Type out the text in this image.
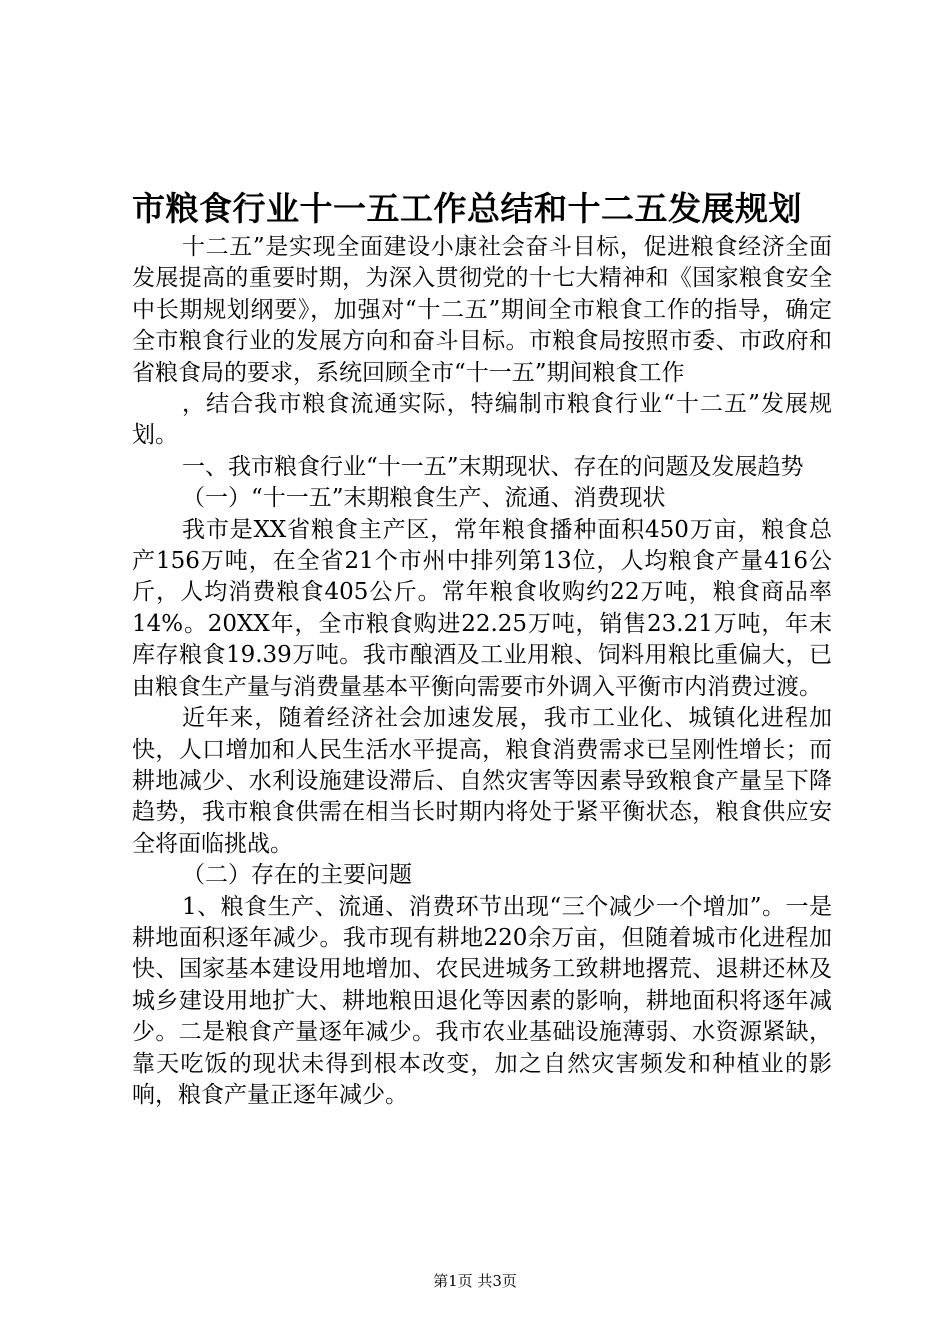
市粮食行业十一五工作总结和十二五发展规划

十二五”是实现全面建设小康社会奋斗目标，促进粮食经济全面发展提高的重要时期，为深入贯彻党的十七大精神和《国家粮食安全中长期规划纲要》，加强对“十二五”期间全市粮食工作的指导，确定全市粮食行业的发展方向和奋斗目标。市粮食局按照市委、市政府和省粮食局的要求，系统回顾全市“十一五”期间粮食工作

，结合我市粮食流通实际，特编制市粮食行业“十二五”发展规划。

一、我市粮食行业“十一五”末期现状、存在的问题及发展趋势

（一）“十一五”末期粮食生产、流通、消费现状

我市是XX省粮食主产区，常年粮食播种面积450万亩，粮食总产156万吨，在全省21个市州中排列第13位，人均粮食产量416公斤，人均消费粮食405公斤。常年粮食收购约22万吨，粮食商品率14%。20XX年，全市粮食购进22.25万吨，销售23.21万吨，年末库存粮食19.39万吨。我市酿酒及工业用粮、饲料用粮比重偏大，已由粮食生产量与消费量基本平衡向需要市外调入平衡市内消费过渡。

近年来，随着经济社会加速发展，我市工业化、城镇化进程加快，人口增加和人民生活水平提高，粮食消费需求已呈刚性增长；而耕地减少、水利设施建设滞后、自然灾害等因素导致粮食产量呈下降趋势，我市粮食供需在相当长时期内将处于紧平衡状态，粮食供应安全将面临挑战。

（二）存在的主要问题

1、粮食生产、流通、消费环节出现“三个减少一个增加”。一是耕地面积逐年减少。我市现有耕地220余万亩，但随着城市化进程加快、国家基本建设用地增加、农民进城务工致耕地撂荒、退耕还林及城乡建设用地扩大、耕地粮田退化等因素的影响，耕地面积将逐年减少。二是粮食产量逐年减少。我市农业基础设施薄弱、水资源紧缺，靠天吃饭的现状未得到根本改变，加之自然灾害频发和种植业的影响，粮食产量正逐年减少。

第1页 共3页
